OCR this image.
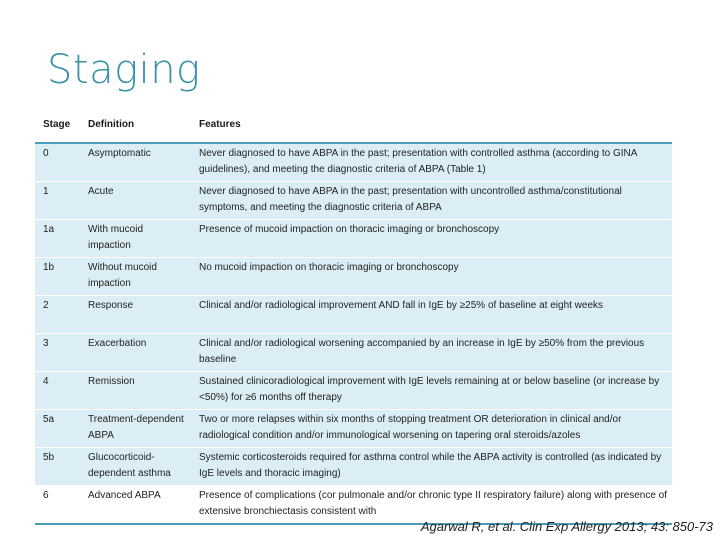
Staging
Stage	Definition	Features
0	Asymptomatic	Never diagnosed to have ABPA in the past; presentation with controlled asthma (according to GINA guidelines), and meeting the diagnostic criteria of ABPA (Table 1)
1	Acute	Never diagnosed to have ABPA in the past; presentation with uncontrolled asthma/constitutional symptoms, and meeting the diagnostic criteria of ABPA
1a	With mucoid impaction	Presence of mucoid impaction on thoracic imaging or bronchoscopy
1b	Without mucoid impaction	No mucoid impaction on thoracic imaging or bronchoscopy
2	Response	Clinical and/or radiological improvement AND fall in IgE by ≥25% of baseline at eight weeks
3	Exacerbation	Clinical and/or radiological worsening accompanied by an increase in IgE by ≥50% from the previous baseline
4	Remission	Sustained clinicoradiological improvement with IgE levels remaining at or below baseline (or increase by <50%) for ≥6 months off therapy
5a	Treatment-dependent ABPA	Two or more relapses within six months of stopping treatment OR deterioration in clinical and/or radiological condition and/or immunological worsening on tapering oral steroids/azoles
5b	Glucocorticoid-dependent asthma	Systemic corticosteroids required for asthma control while the ABPA activity is controlled (as indicated by IgE levels and thoracic imaging)
6	Advanced ABPA	Presence of complications (cor pulmonale and/or chronic type II respiratory failure) along with presence of extensive bronchiectasis consistent with
Agarwal R, et al. Clin Exp Allergy 2013; 43: 850-73
